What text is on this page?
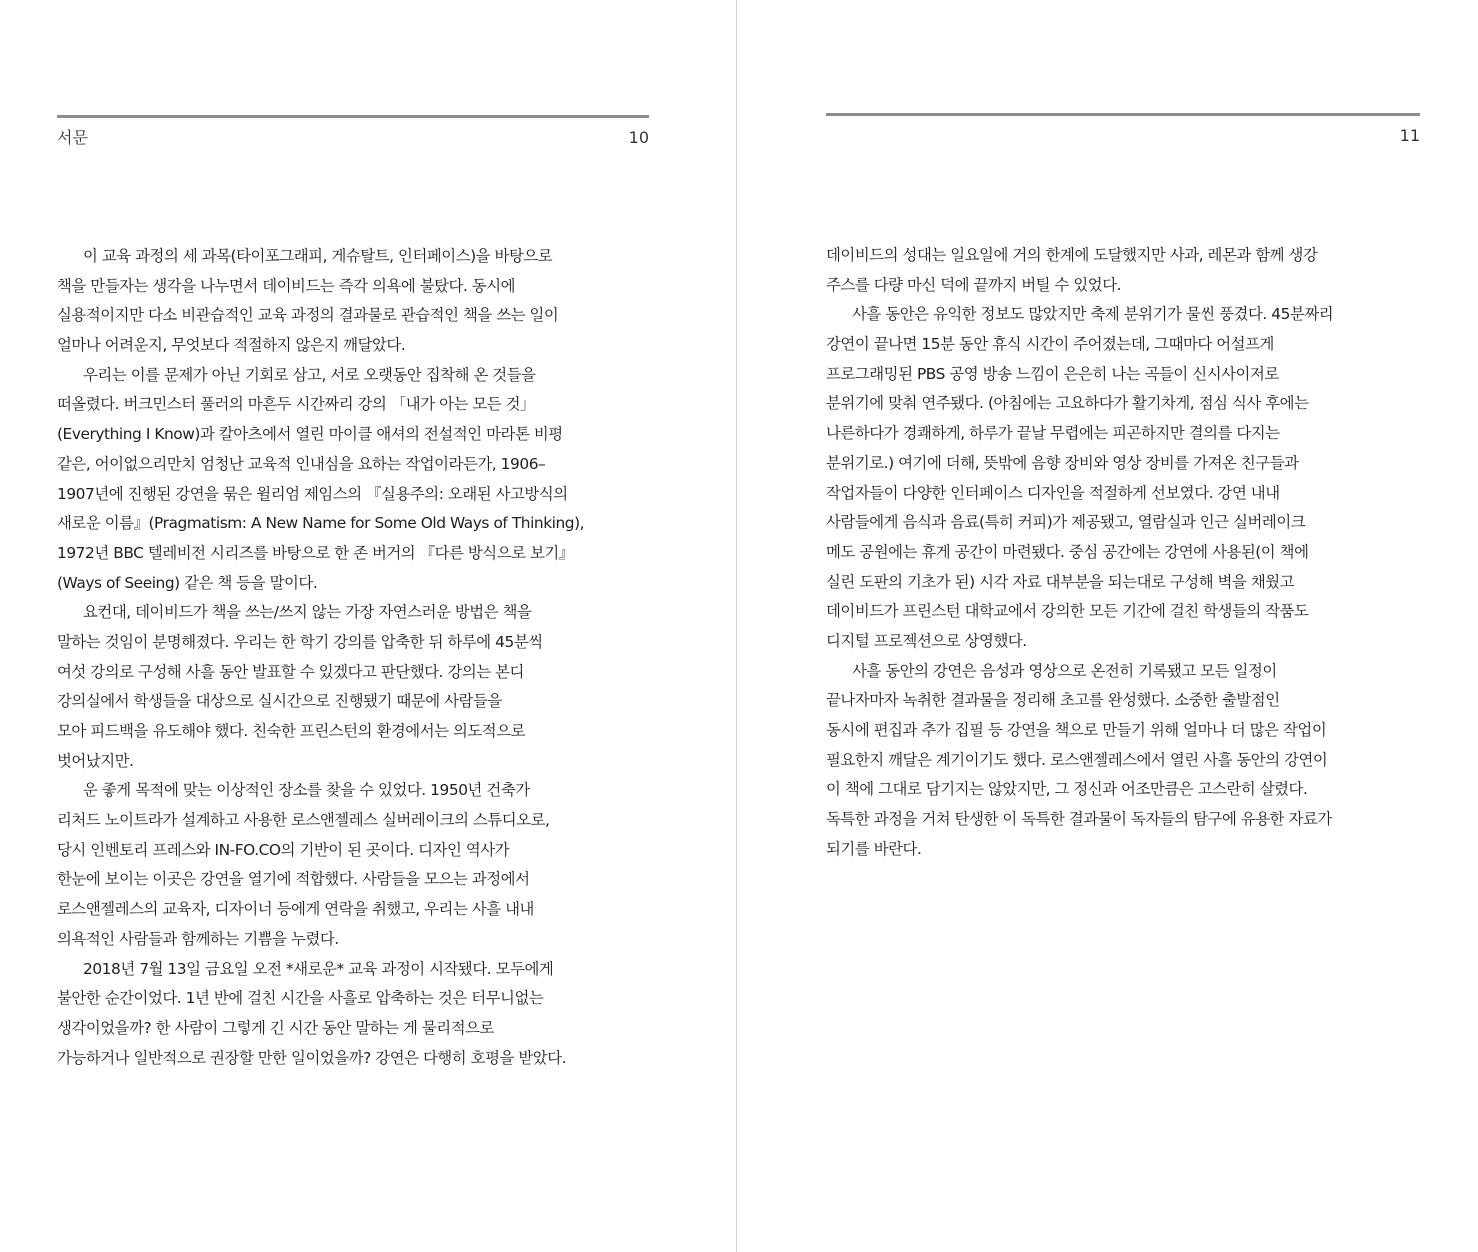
서문	10
이 교육 과정의 세 과목(타이포그래피, 게슈탈트, 인터페이스)을 바탕으로
책을 만들자는 생각을 나누면서 데이비드는 즉각 의욕에 불탔다. 동시에
실용적이지만 다소 비관습적인 교육 과정의 결과물로 관습적인 책을 쓰는 일이
얼마나 어려운지, 무엇보다 적절하지 않은지 깨달았다.
우리는 이를 문제가 아닌 기회로 삼고, 서로 오랫동안 집착해 온 것들을
떠올렸다. 버크민스터 풀러의 마흔두 시간짜리 강의 「내가 아는 모든 것」
(Everything I Know)과 칼아츠에서 열린 마이클 애셔의 전설적인 마라톤 비평
같은, 어이없으리만치 엄청난 교육적 인내심을 요하는 작업이라든가, 1906–
1907년에 진행된 강연을 묶은 윌리엄 제임스의 『실용주의: 오래된 사고방식의
새로운 이름』(Pragmatism: A New Name for Some Old Ways of Thinking),
1972년 BBC 텔레비전 시리즈를 바탕으로 한 존 버거의 『다른 방식으로 보기』
(Ways of Seeing) 같은 책 등을 말이다.
요컨대, 데이비드가 책을 쓰는/쓰지 않는 가장 자연스러운 방법은 책을
말하는 것임이 분명해졌다. 우리는 한 학기 강의를 압축한 뒤 하루에 45분씩
여섯 강의로 구성해 사흘 동안 발표할 수 있겠다고 판단했다. 강의는 본디
강의실에서 학생들을 대상으로 실시간으로 진행됐기 때문에 사람들을
모아 피드백을 유도해야 했다. 친숙한 프린스턴의 환경에서는 의도적으로
벗어났지만.
운 좋게 목적에 맞는 이상적인 장소를 찾을 수 있었다. 1950년 건축가
리처드 노이트라가 설계하고 사용한 로스앤젤레스 실버레이크의 스튜디오로,
당시 인벤토리 프레스와 IN-FO.CO의 기반이 된 곳이다. 디자인 역사가
한눈에 보이는 이곳은 강연을 열기에 적합했다. 사람들을 모으는 과정에서
로스앤젤레스의 교육자, 디자이너 등에게 연락을 취했고, 우리는 사흘 내내
의욕적인 사람들과 함께하는 기쁨을 누렸다.
2018년 7월 13일 금요일 오전 *새로운* 교육 과정이 시작됐다. 모두에게
불안한 순간이었다. 1년 반에 걸친 시간을 사흘로 압축하는 것은 터무니없는
생각이었을까? 한 사람이 그렇게 긴 시간 동안 말하는 게 물리적으로
가능하거나 일반적으로 권장할 만한 일이었을까? 강연은 다행히 호평을 받았다.
11
데이비드의 성대는 일요일에 거의 한계에 도달했지만 사과, 레몬과 함께 생강
주스를 다량 마신 덕에 끝까지 버틸 수 있었다.
사흘 동안은 유익한 정보도 많았지만 축제 분위기가 물씬 풍겼다. 45분짜리
강연이 끝나면 15분 동안 휴식 시간이 주어졌는데, 그때마다 어설프게
프로그래밍된 PBS 공영 방송 느낌이 은은히 나는 곡들이 신시사이저로
분위기에 맞춰 연주됐다. (아침에는 고요하다가 활기차게, 점심 식사 후에는
나른하다가 경쾌하게, 하루가 끝날 무렵에는 피곤하지만 결의를 다지는
분위기로.) 여기에 더해, 뜻밖에 음향 장비와 영상 장비를 가져온 친구들과
작업자들이 다양한 인터페이스 디자인을 적절하게 선보였다. 강연 내내
사람들에게 음식과 음료(특히 커피)가 제공됐고, 열람실과 인근 실버레이크
메도 공원에는 휴게 공간이 마련됐다. 중심 공간에는 강연에 사용된(이 책에
실린 도판의 기초가 된) 시각 자료 대부분을 되는대로 구성해 벽을 채웠고
데이비드가 프린스턴 대학교에서 강의한 모든 기간에 걸친 학생들의 작품도
디지털 프로젝션으로 상영했다.
사흘 동안의 강연은 음성과 영상으로 온전히 기록됐고 모든 일정이
끝나자마자 녹취한 결과물을 정리해 초고를 완성했다. 소중한 출발점인
동시에 편집과 추가 집필 등 강연을 책으로 만들기 위해 얼마나 더 많은 작업이
필요한지 깨달은 계기이기도 했다. 로스앤젤레스에서 열린 사흘 동안의 강연이
이 책에 그대로 담기지는 않았지만, 그 정신과 어조만큼은 고스란히 살렸다.
독특한 과정을 거쳐 탄생한 이 독특한 결과물이 독자들의 탐구에 유용한 자료가
되기를 바란다.
